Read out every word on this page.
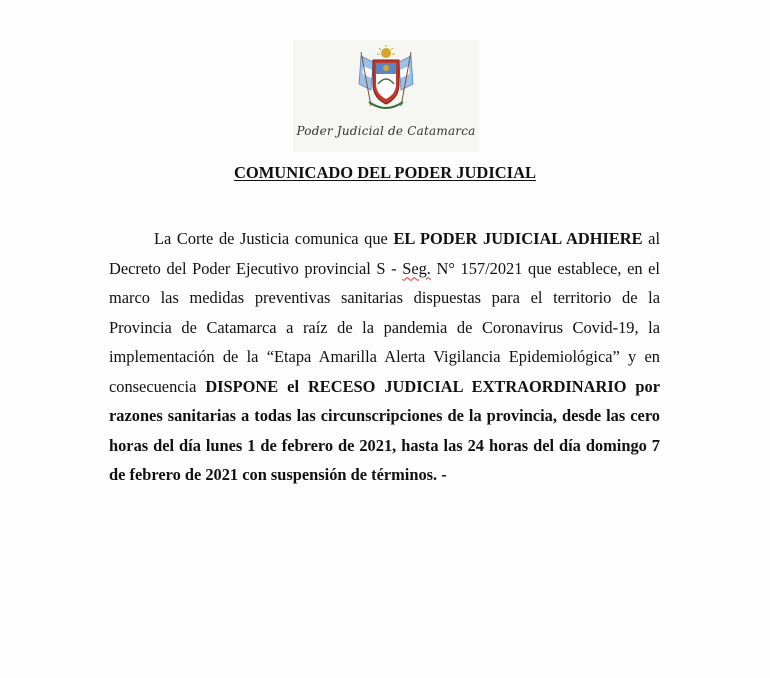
Poder Judicial de Catamarca
COMUNICADO DEL PODER JUDICIAL

La Corte de Justicia comunica que EL PODER JUDICIAL ADHIERE al Decreto del Poder Ejecutivo provincial S - Seg. N° 157/2021 que establece, en el marco las medidas preventivas sanitarias dispuestas para el territorio de la Provincia de Catamarca a raíz de la pandemia de Coronavirus Covid-19, la implementación de la “Etapa Amarilla Alerta Vigilancia Epidemiológica” y en consecuencia DISPONE el RECESO JUDICIAL EXTRAORDINARIO por razones sanitarias a todas las circunscripciones de la provincia, desde las cero horas del día lunes 1 de febrero de 2021, hasta las 24 horas del día domingo 7 de febrero de 2021 con suspensión de términos. -
